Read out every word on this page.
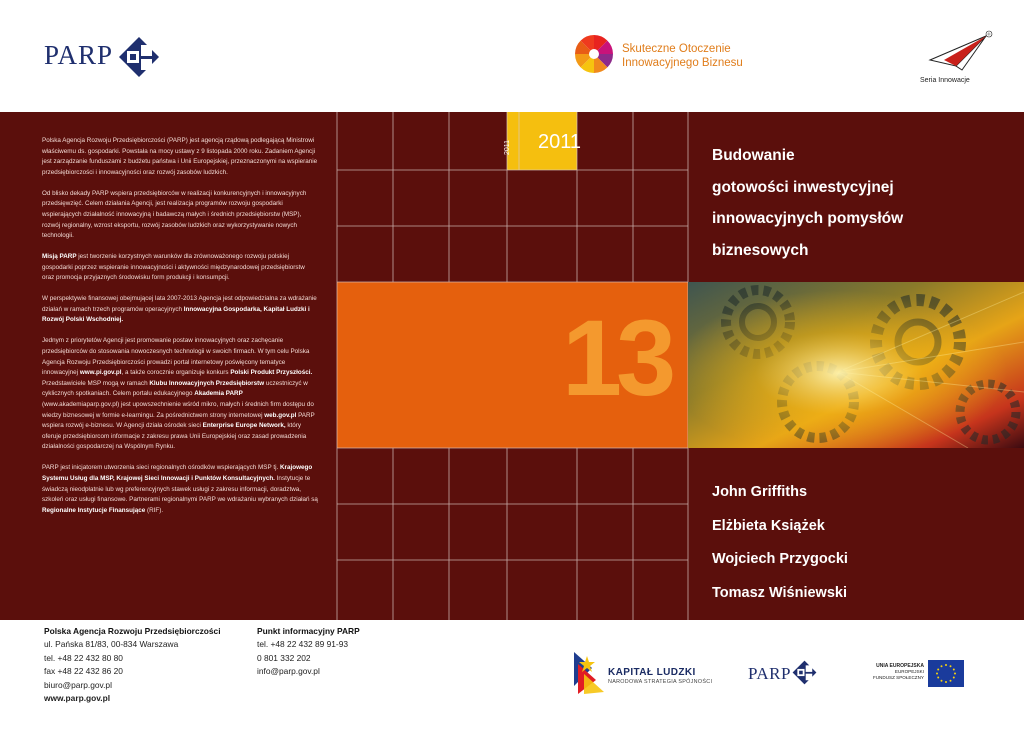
PARP	Skuteczne Otoczenie
Innowacyjnego Biznesu
®
Seria Innowacje
2011	2011
13

Polska Agencja Rozwoju Przedsiębiorczości (PARP) jest agencją rządową podlegającą Ministrowi właściwemu ds. gospodarki. Powstała na mocy ustawy z 9 listopada 2000 roku. Zadaniem Agencji jest zarządzanie funduszami z budżetu państwa i Unii Europejskiej, przeznaczonymi na wspieranie przedsiębiorczości i innowacyjności oraz rozwój zasobów ludzkich.

Od blisko dekady PARP wspiera przedsiębiorców w realizacji konkurencyjnych i innowacyjnych przedsięwzięć. Celem działania Agencji, jest realizacja programów rozwoju gospodarki wspierających działalność innowacyjną i badawczą małych i średnich przedsiębiorstw (MSP), rozwój regionalny, wzrost eksportu, rozwój zasobów ludzkich oraz wykorzystywanie nowych technologii.

Misją PARP jest tworzenie korzystnych warunków dla zrównoważonego rozwoju polskiej gospodarki poprzez wspieranie innowacyjności i aktywności międzynarodowej przedsiębiorstw oraz promocja przyjaznych środowisku form produkcji i konsumpcji.

W perspektywie finansowej obejmującej lata 2007-2013 Agencja jest odpowiedzialna za wdrażanie działań w ramach trzech programów operacyjnych Innowacyjna Gospodarka, Kapitał Ludzki i Rozwój Polski Wschodniej.

Jednym z priorytetów Agencji jest promowanie postaw innowacyjnych oraz zachęcanie przedsiębiorców do stosowania nowoczesnych technologii w swoich firmach. W tym celu Polska Agencja Rozwoju Przedsiębiorczości prowadzi portal internetowy poświęcony tematyce innowacyjnej www.pi.gov.pl, a także corocznie organizuje konkurs Polski Produkt Przyszłości. Przedstawiciele MSP mogą w ramach Klubu Innowacyjnych Przedsiębiorstw uczestniczyć w cyklicznych spotkaniach. Celem portalu edukacyjnego Akademia PARP (www.akademiaparp.gov.pl) jest upowszechnienie wśród mikro, małych i średnich firm dostępu do wiedzy biznesowej w formie e-learningu. Za pośrednictwem strony internetowej web.gov.pl PARP wspiera rozwój e-biznesu. W Agencji działa ośrodek sieci Enterprise Europe Network, który oferuje przedsiębiorcom informacje z zakresu prawa Unii Europejskiej oraz zasad prowadzenia działalności gospodarczej na Wspólnym Rynku.

PARP jest inicjatorem utworzenia sieci regionalnych ośrodków wspierających MSP tj. Krajowego Systemu Usług dla MSP, Krajowej Sieci Innowacji i Punktów Konsultacyjnych. Instytucje te świadczą nieodpłatnie lub wg preferencyjnych stawek usługi z zakresu informacji, doradztwa, szkoleń oraz usługi finansowe. Partnerami regionalnymi PARP we wdrażaniu wybranych działań są Regionalne Instytucje Finansujące (RIF).

Budowanie
gotowości inwestycyjnej
innowacyjnych pomysłów
biznesowych
John Griffiths
Elżbieta Książek
Wojciech Przygocki
Tomasz Wiśniewski
Polska Agencja Rozwoju Przedsiębiorczości
ul. Pańska 81/83, 00-834 Warszawa
tel. +48 22 432 80 80
fax +48 22 432 86 20
biuro@parp.gov.pl
www.parp.gov.pl
Punkt informacyjny PARP
tel. +48 22 432 89 91-93
0 801 332 202
info@parp.gov.pl	KAPITAŁ LUDZKI
NARODOWA STRATEGIA SPÓJNOŚCI PARP	UNIA EUROPEJSKA
EUROPEJSKI
FUNDUSZ SPOŁECZNY
